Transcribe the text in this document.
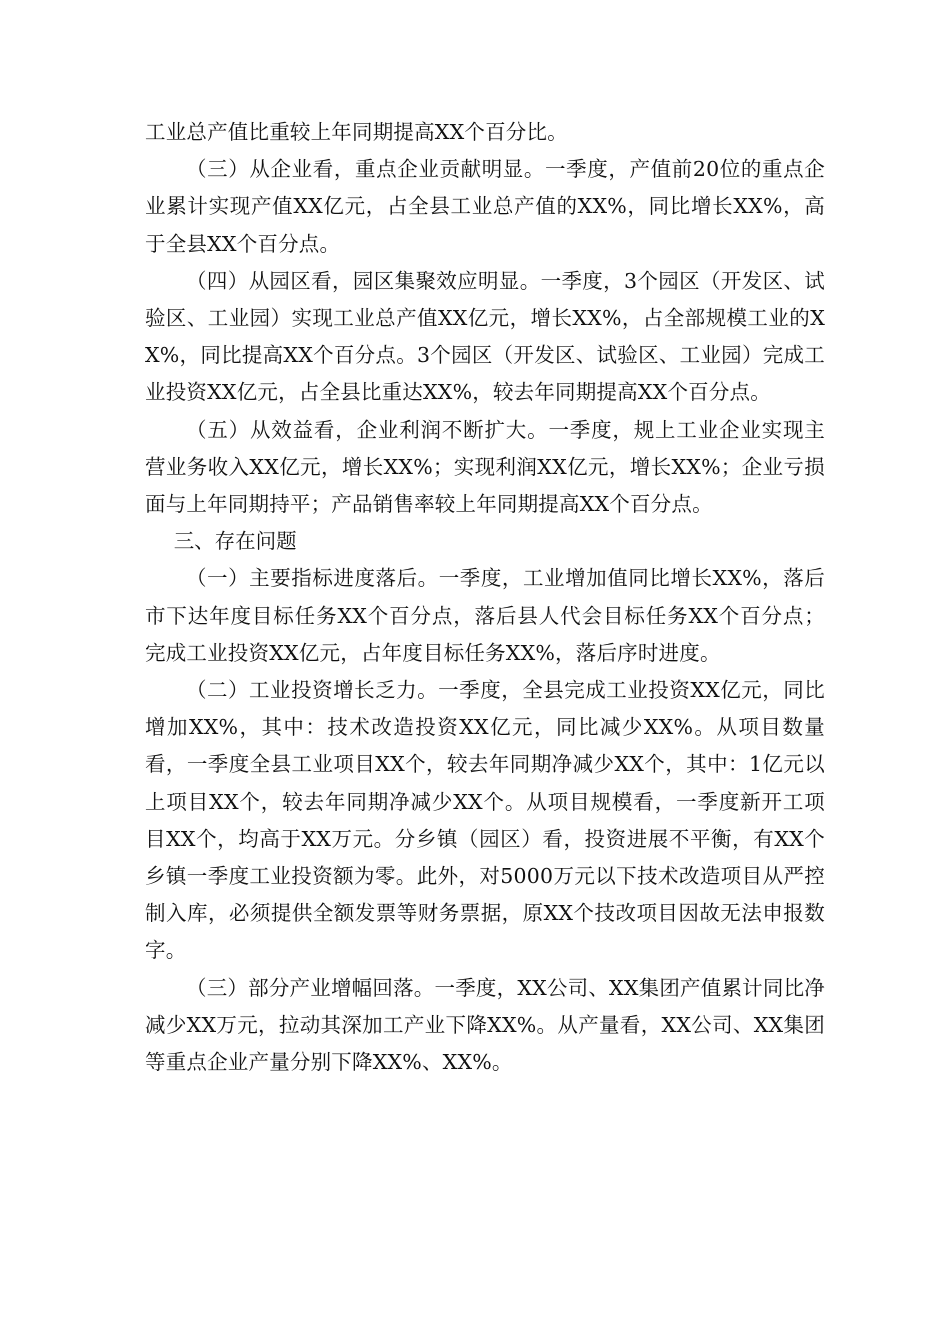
工业总产值比重较上年同期提高XX个百分比。

（三）从企业看，重点企业贡献明显。一季度，产值前20位的重点企业累计实现产值XX亿元，占全县工业总产值的XX%，同比增长XX%，高于全县XX个百分点。

（四）从园区看，园区集聚效应明显。一季度，3个园区（开发区、试验区、工业园）实现工业总产值XX亿元，增长XX%，占全部规模工业的XX%，同比提高XX个百分点。3个园区（开发区、试验区、工业园）完成工业投资XX亿元，占全县比重达XX%，较去年同期提高XX个百分点。

（五）从效益看，企业利润不断扩大。一季度，规上工业企业实现主营业务收入XX亿元，增长XX%；实现利润XX亿元，增长XX%；企业亏损面与上年同期持平；产品销售率较上年同期提高XX个百分点。

三、存在问题

（一）主要指标进度落后。一季度，工业增加值同比增长XX%，落后市下达年度目标任务XX个百分点，落后县人代会目标任务XX个百分点；完成工业投资XX亿元，占年度目标任务XX%，落后序时进度。

（二）工业投资增长乏力。一季度，全县完成工业投资XX亿元，同比增加XX%，其中：技术改造投资XX亿元，同比减少XX%。从项目数量看，一季度全县工业项目XX个，较去年同期净减少XX个，其中：1亿元以上项目XX个，较去年同期净减少XX个。从项目规模看，一季度新开工项目XX个，均高于XX万元。分乡镇（园区）看，投资进展不平衡，有XX个乡镇一季度工业投资额为零。此外，对5000万元以下技术改造项目从严控制入库，必须提供全额发票等财务票据，原XX个技改项目因故无法申报数字。

（三）部分产业增幅回落。一季度，XX公司、XX集团产值累计同比净减少XX万元，拉动其深加工产业下降XX%。从产量看，XX公司、XX集团等重点企业产量分别下降XX%、XX%。
